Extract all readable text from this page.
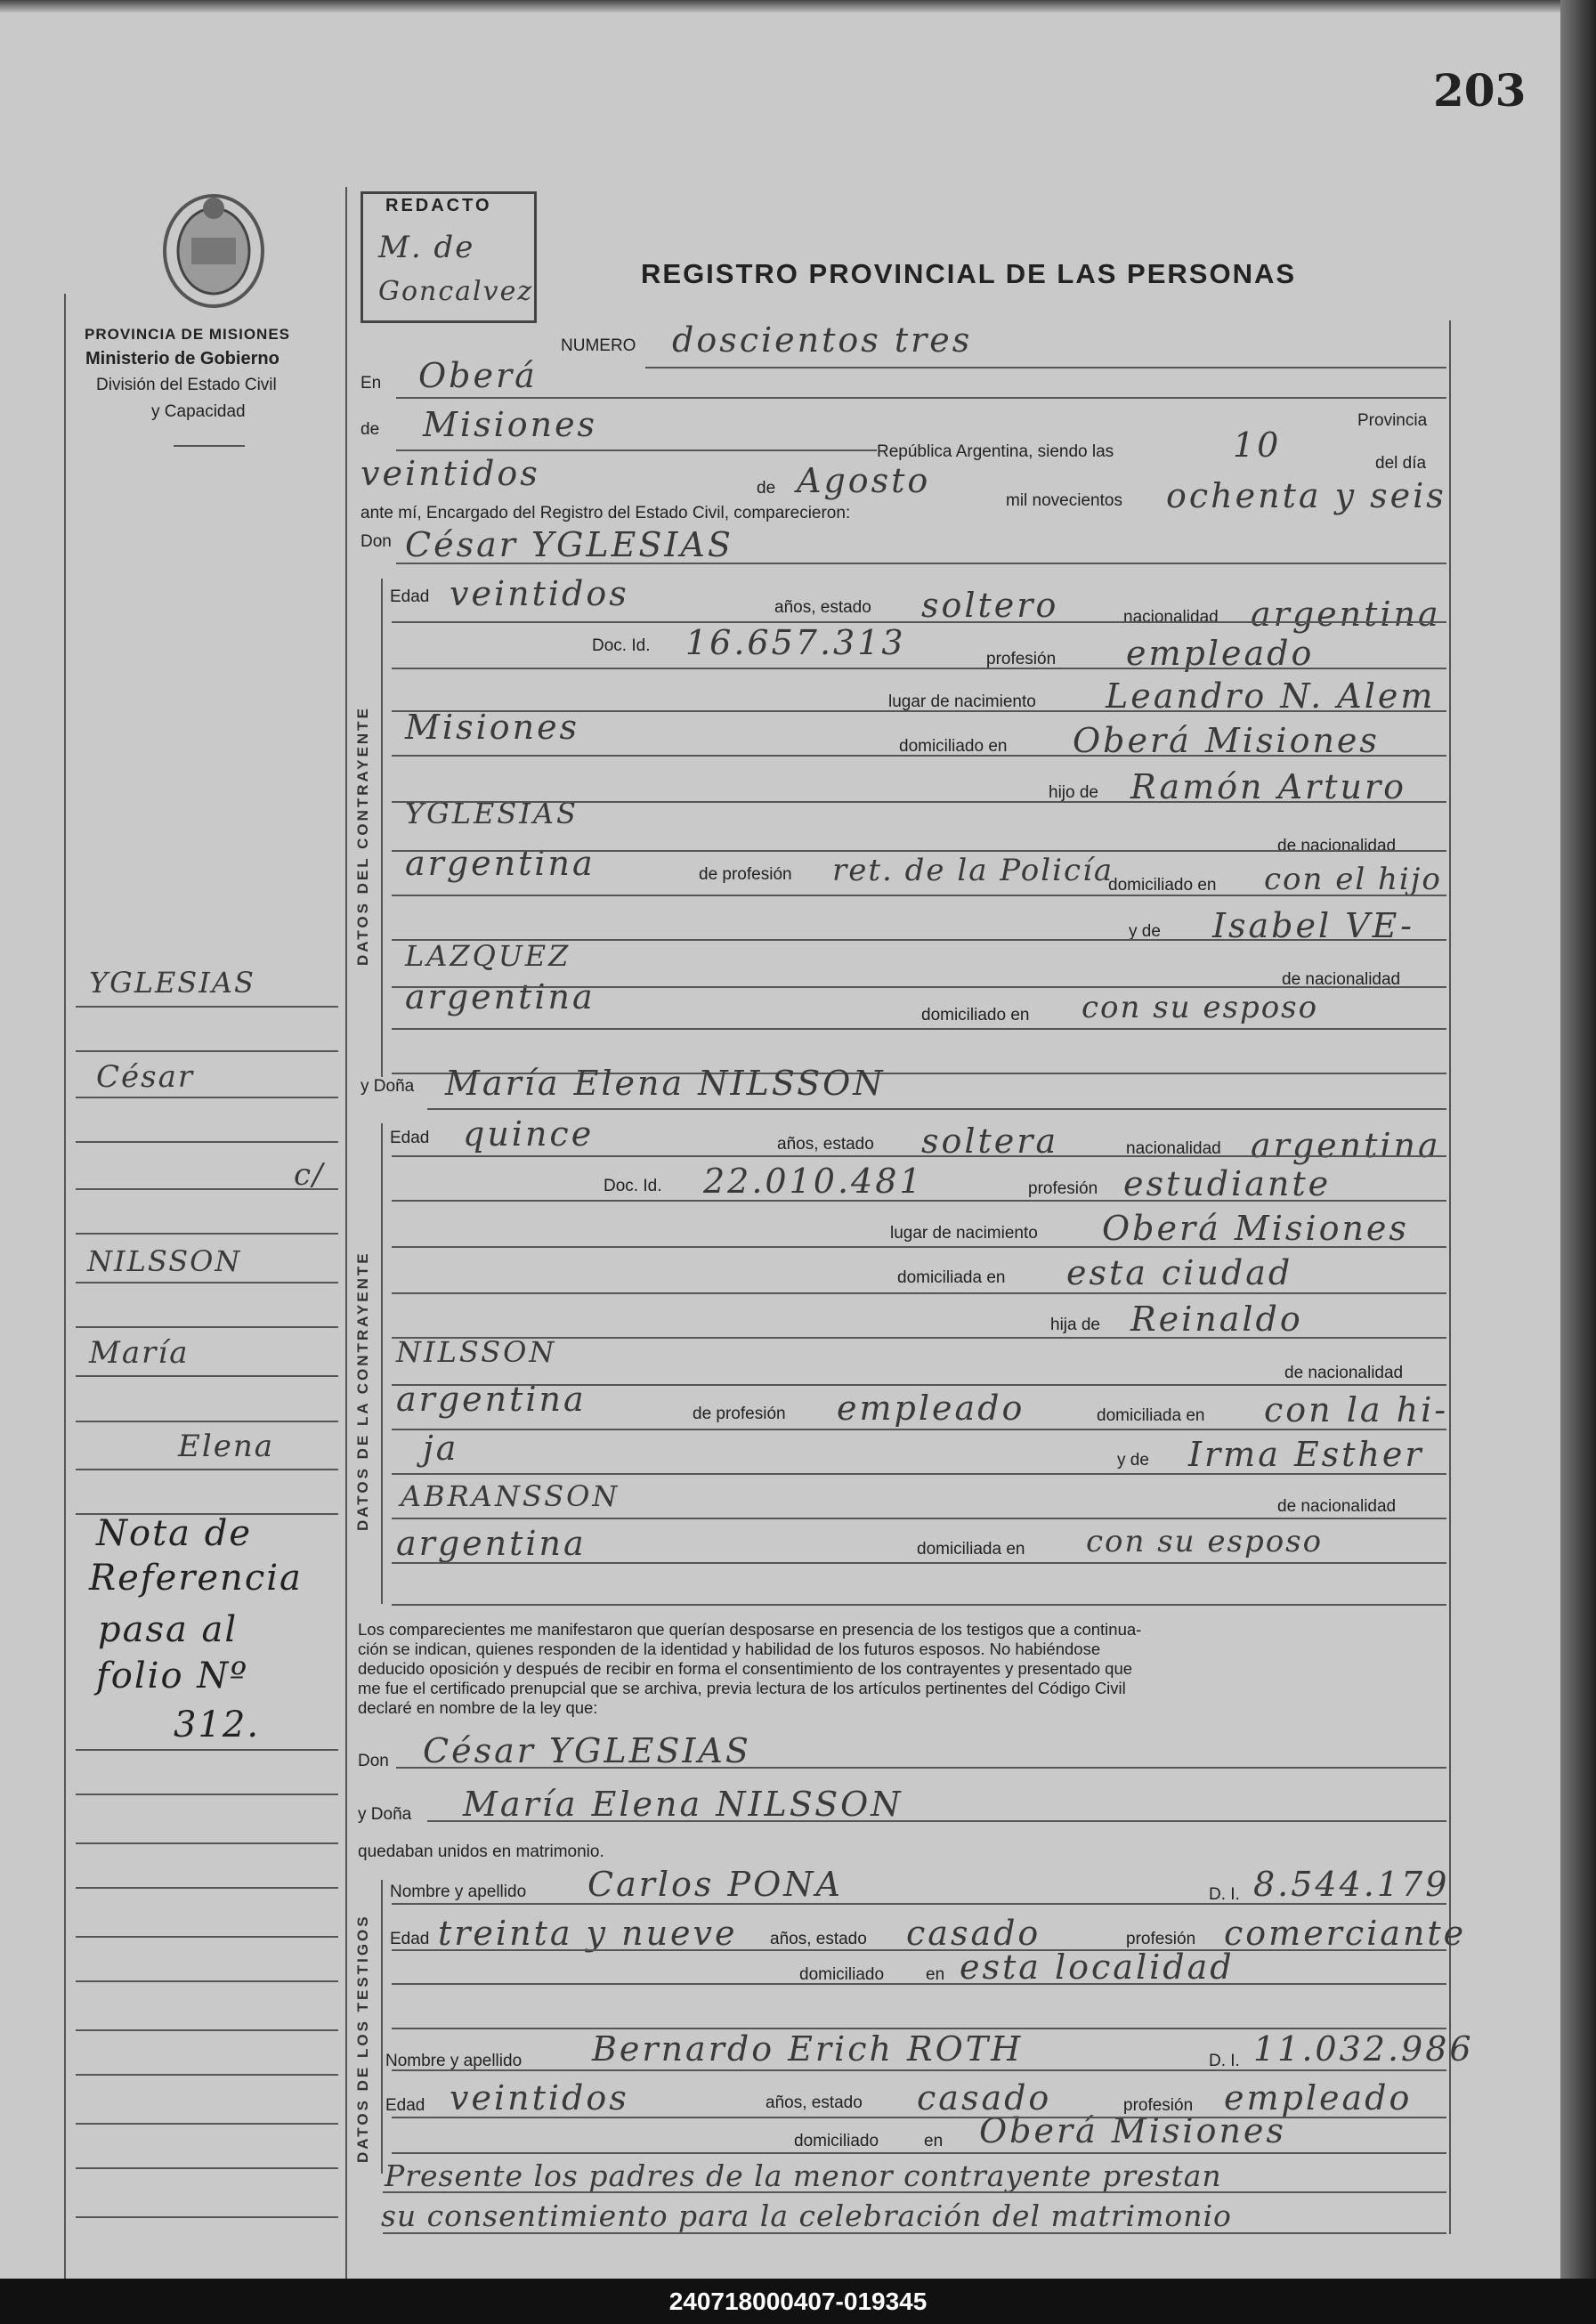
203
PROVINCIA DE MISIONES
Ministerio de Gobierno
División del Estado Civil
y Capacidad
REDACTO
M. de
Goncalvez
REGISTRO PROVINCIAL DE LAS PERSONAS
DATOS DEL CONTRAYENTE
DATOS DE LA CONTRAYENTE
DATOS DE LOS TESTIGOS
YGLESIAS
César
c/
NILSSON
María
Elena
Nota de
Referencia
pasa al
folio Nº
312.
NUMERO doscientos tres
En Oberá
de Misiones	Provincia
República Argentina, siendo las	10	del día
veintidos	de Agosto
mil novecientos ochenta y seis
ante mí, Encargado del Registro del Estado Civil, comparecieron:
Don César YGLESIAS
Edad veintidos	años, estado soltero	nacionalidad argentina
Doc. Id. 16.657.313	profesión empleado
lugar de nacimiento Leandro N. Alem
Misiones	domiciliado en Oberá Misiones
hijo de Ramón Arturo
YGLESIAS
de nacionalidad
argentina	de profesión ret. de la Policía
domiciliado en con el hijo
y de Isabel VE-
LAZQUEZ
de nacionalidad
argentina	domiciliado en con su esposo
y Doña María Elena NILSSON
Edad quince	años, estado soltera	nacionalidad argentina
Doc. Id. 22.010.481	profesión estudiante
lugar de nacimiento Oberá Misiones
domiciliada en esta ciudad
hija de Reinaldo
NILSSON
de nacionalidad
argentina	de profesión empleado	domiciliada en con la hi-
ja	y de Irma Esther
ABRANSSON	de nacionalidad
argentina	domiciliada en con su esposo
Los comparecientes me manifestaron que querían desposarse en presencia de los testigos que a continua-
ción se indican, quienes responden de la identidad y habilidad de los futuros esposos. No habiéndose
deducido oposición y después de recibir en forma el consentimiento de los contrayentes y presentado que
me fue el certificado prenupcial que se archiva, previa lectura de los artículos pertinentes del Código Civil
declaré en nombre de la ley que:
Don César YGLESIAS
y Doña María Elena NILSSON
quedaban unidos en matrimonio.
Nombre y apellido Carlos PONA	D. I. 8.544.179
Edad treinta y nueve años, estado casado	profesión comerciante
domiciliado en esta localidad
Nombre y apellido Bernardo Erich ROTH	D. I. 11.032.986
Edad veintidos	años, estado casado	profesión empleado
domiciliado	en Oberá Misiones
Presente los padres de la menor contrayente prestan
su consentimiento para la celebración del matrimonio
240718000407-019345
